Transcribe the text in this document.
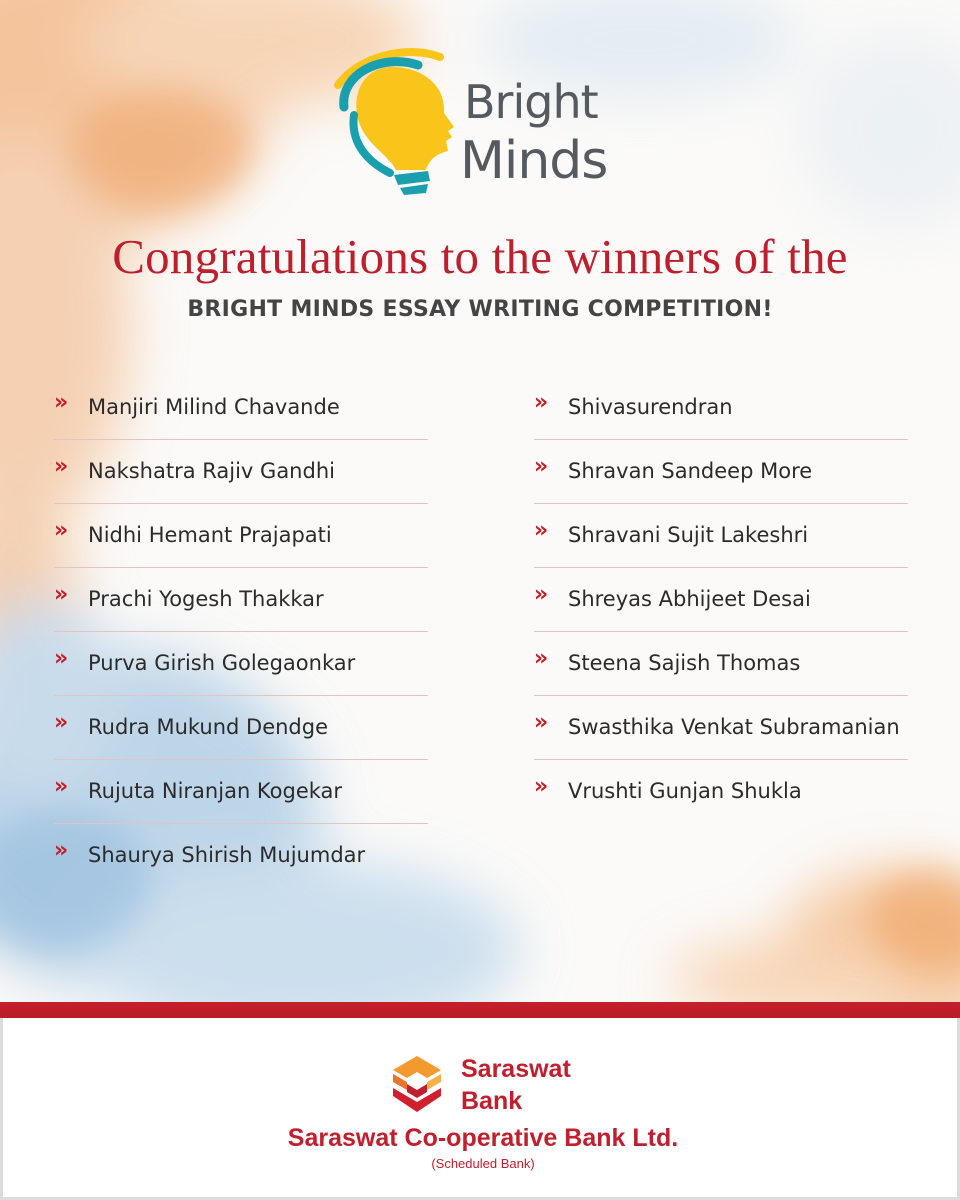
Bright
Minds
Congratulations to the winners of the
BRIGHT MINDS ESSAY WRITING COMPETITION!
» Manjiri Milind Chavande
» Nakshatra Rajiv Gandhi
» Nidhi Hemant Prajapati
» Prachi Yogesh Thakkar
» Purva Girish Golegaonkar
» Rudra Mukund Dendge
» Rujuta Niranjan Kogekar
» Shaurya Shirish Mujumdar
» Shivasurendran
» Shravan Sandeep More
» Shravani Sujit Lakeshri
» Shreyas Abhijeet Desai
» Steena Sajish Thomas
» Swasthika Venkat Subramanian
» Vrushti Gunjan Shukla
Saraswat
Bank
Saraswat Co-operative Bank Ltd.
(Scheduled Bank)
